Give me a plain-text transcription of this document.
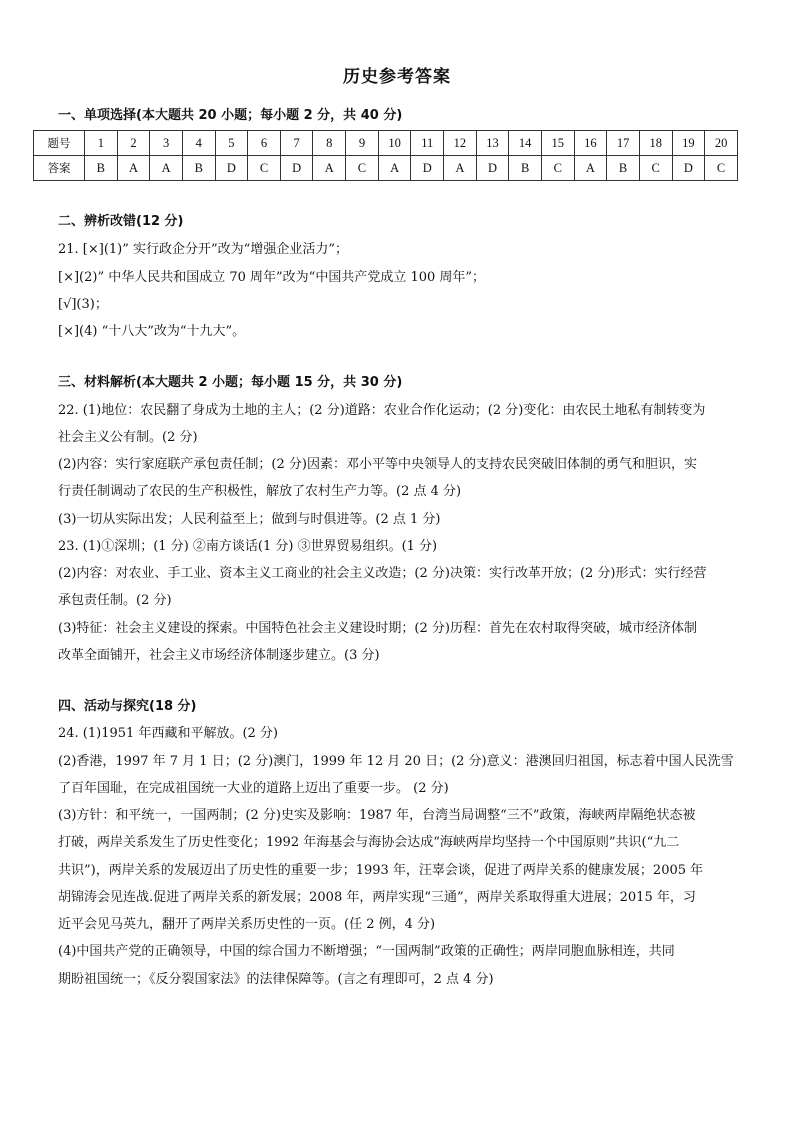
历史参考答案
一、单项选择(本大题共 20 小题；每小题 2 分，共 40 分)
题号	1	2	3	4	5	6	7	8	9	10	11	12	13	14	15	16	17	18	19	20
答案	B	A	A	B	D	C	D	A	C	A	D	A	D	B	C	A	B	C	D	C
二、辨析改错(12 分)
21. [×](1)” 实行政企分开”改为“增强企业活力”；
[×](2)” 中华人民共和国成立 70 周年”改为“中国共产党成立 100 周年”；
[√](3)；
[×](4) “十八大”改为“十九大”。
三、材料解析(本大题共 2 小题；每小题 15 分，共 30 分)
22. (1)地位：农民翻了身成为土地的主人；(2 分)道路：农业合作化运动；(2 分)变化：由农民土地私有制转变为
社会主义公有制。(2 分)
(2)内容：实行家庭联产承包责任制；(2 分)因素：邓小平等中央领导人的支持农民突破旧体制的勇气和胆识，实
行责任制调动了农民的生产积极性，解放了农村生产力等。(2 点 4 分)
(3)一切从实际出发；人民利益至上；做到与时俱进等。(2 点 1 分)
23. (1)①深圳；(1 分) ②南方谈话(1 分) ③世界贸易组织。(1 分)
(2)内容：对农业、手工业、资本主义工商业的社会主义改造；(2 分)决策：实行改革开放；(2 分)形式：实行经营
承包责任制。(2 分)
(3)特征：社会主义建设的探索。中国特色社会主义建设时期；(2 分)历程：首先在农村取得突破，城市经济体制
改革全面铺开，社会主义市场经济体制逐步建立。(3 分)
四、活动与探究(18 分)
24. (1)1951 年西藏和平解放。(2 分)
(2)香港，1997 年 7 月 1 日；(2 分)澳门，1999 年 12 月 20 日；(2 分)意义：港澳回归祖国，标志着中国人民洗雪
了百年国耻，在完成祖国统一大业的道路上迈出了重要一步。 (2 分)
(3)方针：和平统一，一国两制；(2 分)史实及影响：1987 年，台湾当局调整“三不”政策，海峡两岸隔绝状态被
打破，两岸关系发生了历史性变化；1992 年海基会与海协会达成“海峡两岸均坚持一个中国原则”共识(“九二
共识”)，两岸关系的发展迈出了历史性的重要一步；1993 年，汪辜会谈，促进了两岸关系的健康发展；2005 年
胡锦涛会见连战.促进了两岸关系的新发展；2008 年，两岸实现“三通”，两岸关系取得重大进展；2015 年，习
近平会见马英九，翻开了两岸关系历史性的一页。(任 2 例，4 分)
(4)中国共产党的正确领导，中国的综合国力不断增强；“一国两制”政策的正确性；两岸同胞血脉相连，共同
期盼祖国统一；《反分裂国家法》的法律保障等。(言之有理即可，2 点 4 分)
